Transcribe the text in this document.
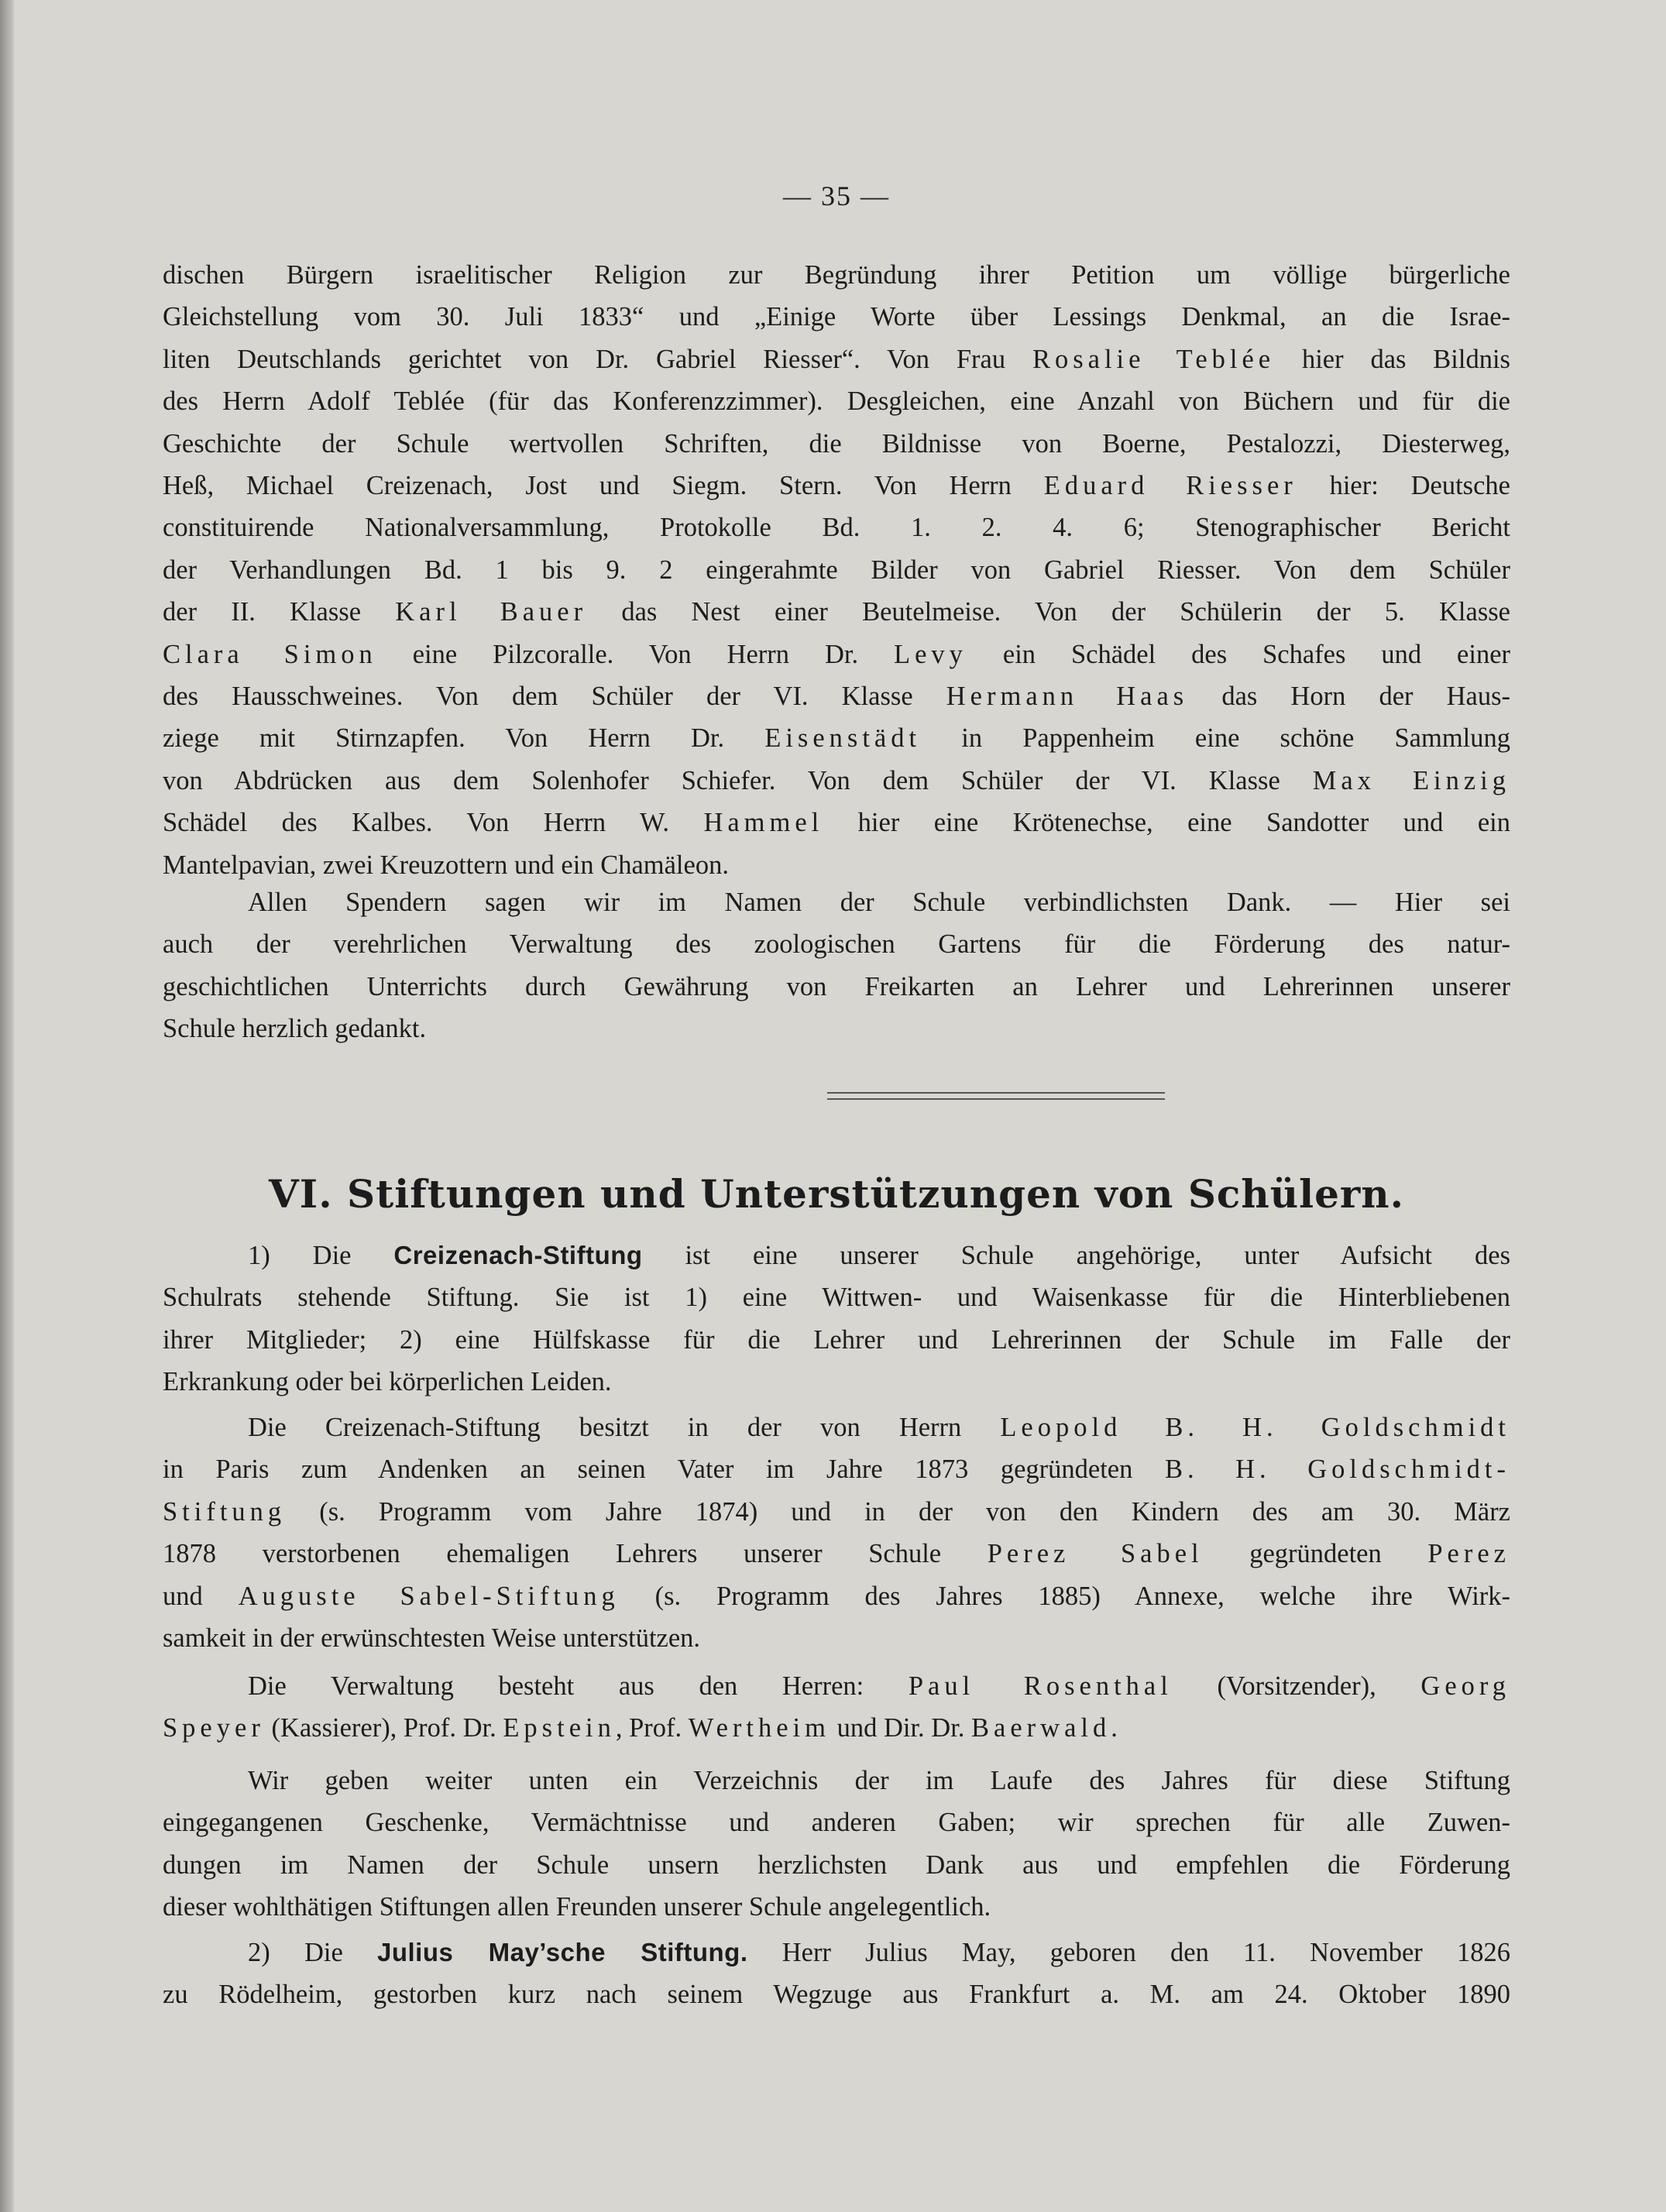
— 35 —

dischen Bürgern israelitischer Religion zur Begründung ihrer Petition um völlige bürgerliche

Gleichstellung vom 30. Juli 1833“ und „Einige Worte über Lessings Denkmal, an die Israe-

liten Deutschlands gerichtet von Dr. Gabriel Riesser“. Von Frau Rosalie Teblée hier das Bildnis

des Herrn Adolf Teblée (für das Konferenzzimmer). Desgleichen, eine Anzahl von Büchern und für die

Geschichte der Schule wertvollen Schriften, die Bildnisse von Boerne, Pestalozzi, Diesterweg,

Heß, Michael Creizenach, Jost und Siegm. Stern. Von Herrn Eduard Riesser hier: Deutsche

constituirende Nationalversammlung, Protokolle Bd. 1. 2. 4. 6; Stenographischer Bericht

der Verhandlungen Bd. 1 bis 9. 2 eingerahmte Bilder von Gabriel Riesser. Von dem Schüler

der II. Klasse Karl Bauer das Nest einer Beutelmeise. Von der Schülerin der 5. Klasse

Clara Simon eine Pilzcoralle. Von Herrn Dr. Levy ein Schädel des Schafes und einer

des Hausschweines. Von dem Schüler der VI. Klasse Hermann Haas das Horn der Haus-

ziege mit Stirnzapfen. Von Herrn Dr. Eisenstädt in Pappenheim eine schöne Sammlung

von Abdrücken aus dem Solenhofer Schiefer. Von dem Schüler der VI. Klasse Max Einzig

Schädel des Kalbes. Von Herrn W. Hammel hier eine Krötenechse, eine Sandotter und ein

Mantelpavian, zwei Kreuzottern und ein Chamäleon.

Allen Spendern sagen wir im Namen der Schule verbindlichsten Dank. — Hier sei

auch der verehrlichen Verwaltung des zoologischen Gartens für die Förderung des natur-

geschichtlichen Unterrichts durch Gewährung von Freikarten an Lehrer und Lehrerinnen unserer

Schule herzlich gedankt.

VI. Stiftungen und Unterstützungen von Schülern.

1) Die Creizenach-Stiftung ist eine unserer Schule angehörige, unter Aufsicht des

Schulrats stehende Stiftung. Sie ist 1) eine Wittwen- und Waisenkasse für die Hinterbliebenen

ihrer Mitglieder; 2) eine Hülfskasse für die Lehrer und Lehrerinnen der Schule im Falle der

Erkrankung oder bei körperlichen Leiden.

Die Creizenach-Stiftung besitzt in der von Herrn Leopold B. H. Goldschmidt

in Paris zum Andenken an seinen Vater im Jahre 1873 gegründeten B. H. Goldschmidt-

Stiftung (s. Programm vom Jahre 1874) und in der von den Kindern des am 30. März

1878 verstorbenen ehemaligen Lehrers unserer Schule Perez Sabel gegründeten Perez

und Auguste Sabel-Stiftung (s. Programm des Jahres 1885) Annexe, welche ihre Wirk-

samkeit in der erwünschtesten Weise unterstützen.

Die Verwaltung besteht aus den Herren: Paul Rosenthal (Vorsitzender), Georg

Speyer (Kassierer), Prof. Dr. Epstein, Prof. Wertheim und Dir. Dr. Baerwald.

Wir geben weiter unten ein Verzeichnis der im Laufe des Jahres für diese Stiftung

eingegangenen Geschenke, Vermächtnisse und anderen Gaben; wir sprechen für alle Zuwen-

dungen im Namen der Schule unsern herzlichsten Dank aus und empfehlen die Förderung

dieser wohlthätigen Stiftungen allen Freunden unserer Schule angelegentlich.

2) Die Julius May’sche Stiftung. Herr Julius May, geboren den 11. November 1826

zu Rödelheim, gestorben kurz nach seinem Wegzuge aus Frankfurt a. M. am 24. Oktober 1890
